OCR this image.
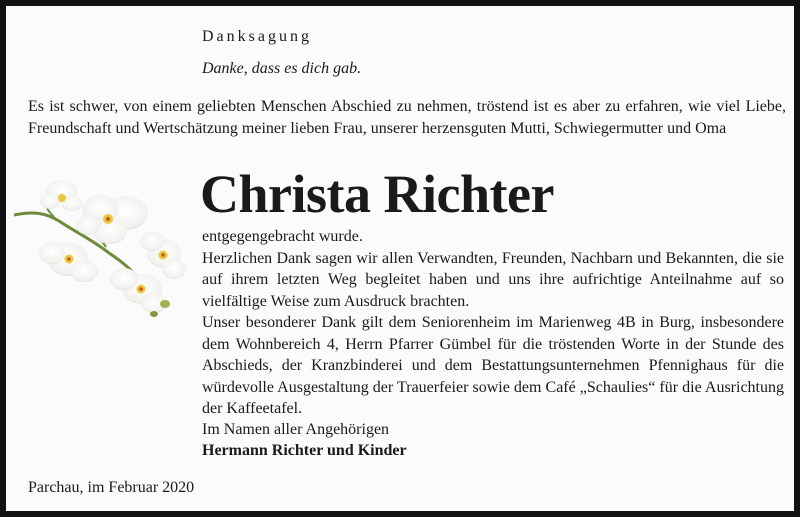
Danksagung
Danke, dass es dich gab.
Es ist schwer, von einem geliebten Menschen Abschied zu nehmen, tröstend ist es aber zu erfahren, wie viel Liebe, Freundschaft und Wertschätzung meiner lieben Frau, unserer herzensguten Mutti, Schwiegermutter und Oma
Christa Richter

entgegengebracht wurde.

Herzlichen Dank sagen wir allen Verwandten, Freunden, Nachbarn und Bekannten, die sie auf ihrem letzten Weg begleitet haben und uns ihre aufrichtige Anteilnahme auf so vielfältige Weise zum Ausdruck brachten.

Unser besonderer Dank gilt dem Seniorenheim im Marienweg 4B in Burg, insbesondere dem Wohnbereich 4, Herrn Pfarrer Gümbel für die tröstenden Worte in der Stunde des Abschieds, der Kranzbinderei und dem Bestattungsunternehmen Pfennighaus für die würdevolle Ausgestaltung der Trauerfeier sowie dem Café „Schaulies“ für die Ausrichtung der Kaffeetafel.

Im Namen aller Angehörigen
Hermann Richter und Kinder
Parchau, im Februar 2020
